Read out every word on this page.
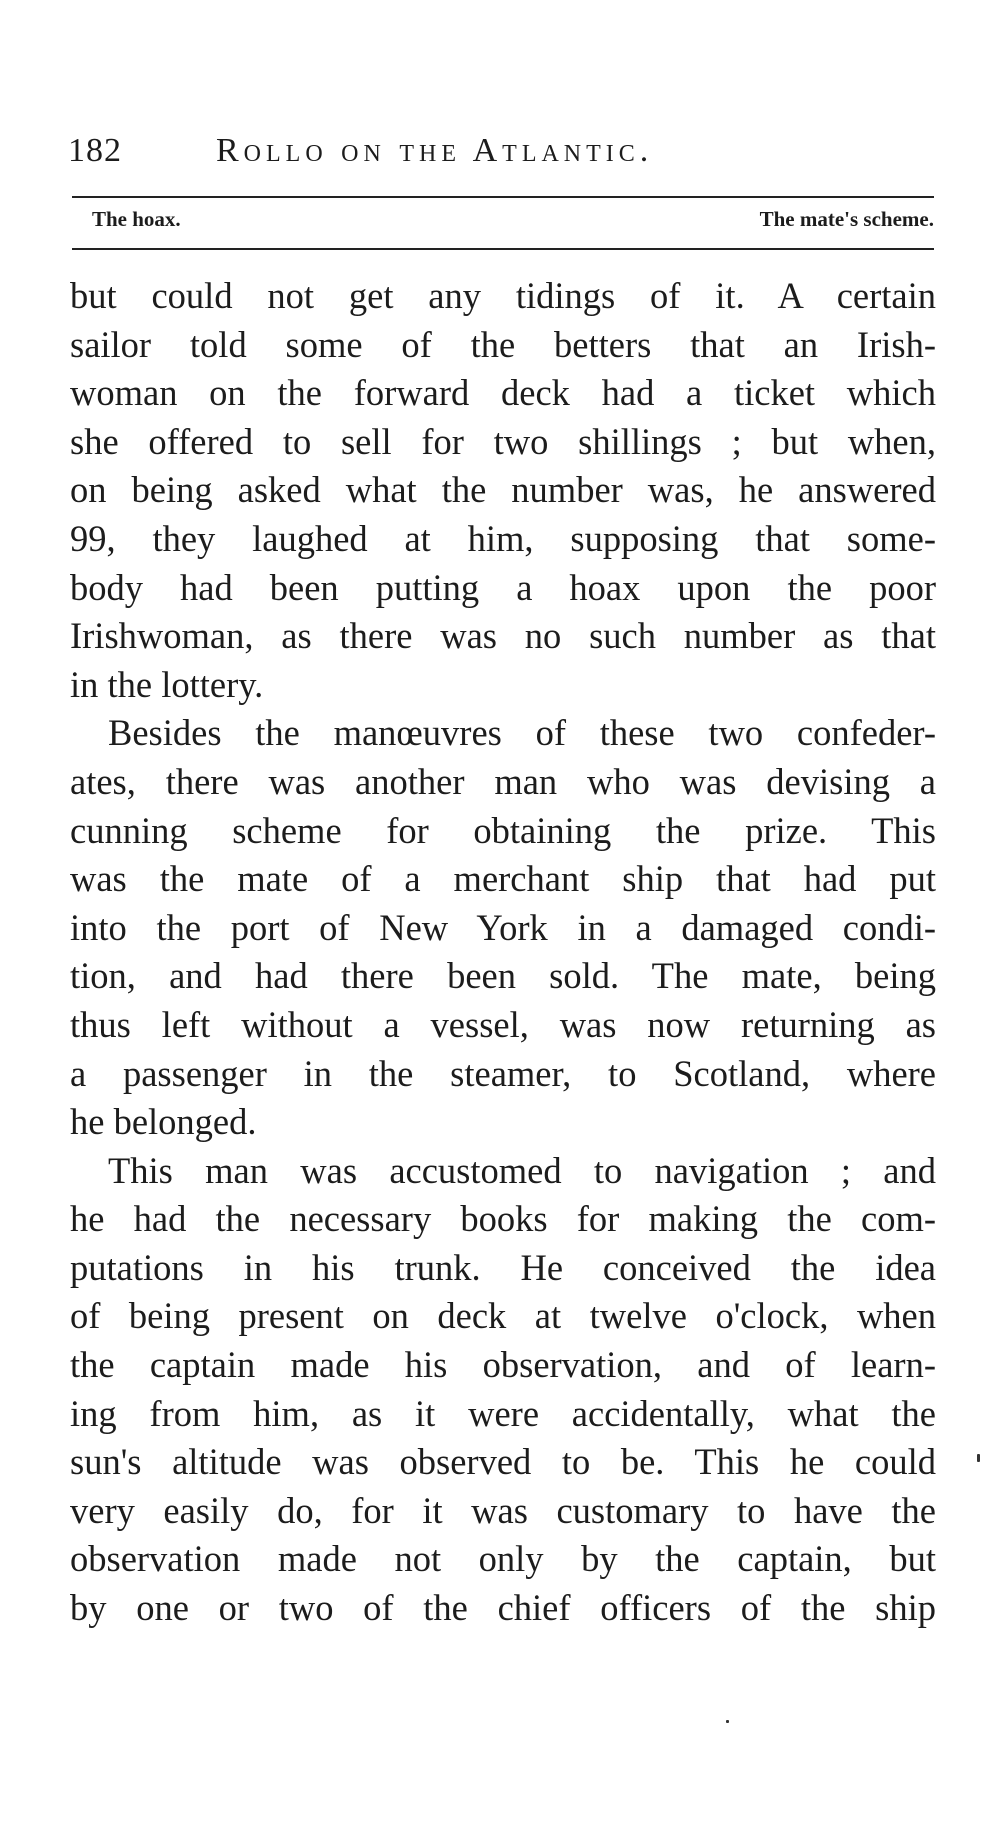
182	Rollo on the Atlantic.
The hoax.	The mate's scheme.
but could not get any tidings of it. A certain
sailor told some of the betters that an Irish-
woman on the forward deck had a ticket which
she offered to sell for two shillings ; but when,
on being asked what the number was, he answered
99, they laughed at him, supposing that some-
body had been putting a hoax upon the poor
Irishwoman, as there was no such number as that
in the lottery.
Besides the manœuvres of these two confeder-
ates, there was another man who was devising a
cunning scheme for obtaining the prize. This
was the mate of a merchant ship that had put
into the port of New York in a damaged condi-
tion, and had there been sold. The mate, being
thus left without a vessel, was now returning as
a passenger in the steamer, to Scotland, where
he belonged.
This man was accustomed to navigation ; and
he had the necessary books for making the com-
putations in his trunk. He conceived the idea
of being present on deck at twelve o'clock, when
the captain made his observation, and of learn-
ing from him, as it were accidentally, what the
sun's altitude was observed to be. This he could
very easily do, for it was customary to have the
observation made not only by the captain, but
by one or two of the chief officers of the ship
